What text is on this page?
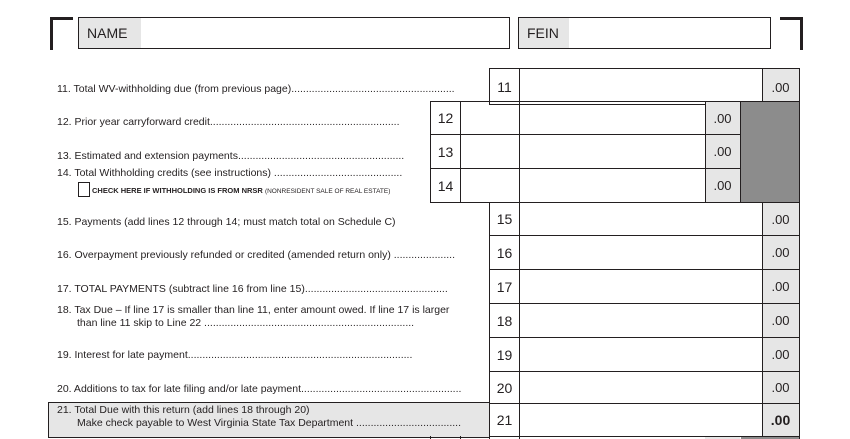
NAME	FEIN
11. Total WV-withholding due (from previous page)........................................................	11	.00
12. Prior year carryforward credit.................................................................	12	.00
13. Estimated and extension payments.........................................................	13	.00
14. Total Withholding credits (see instructions) ............................................
CHECK HERE IF WITHHOLDING IS FROM NRSR (NONRESIDENT SALE OF REAL ESTATE)	14	.00
15. Payments (add lines 12 through 14; must match total on Schedule C)	15	.00
16. Overpayment previously refunded or credited (amended return only) .....................	16	.00
17. TOTAL PAYMENTS (subtract line 16 from line 15).................................................	17	.00
18. Tax Due – If line 17 is smaller than line 11, enter amount owed. If line 17 is larger
than line 11 skip to Line 22 ........................................................................	18	.00
19. Interest for late payment.............................................................................	19	.00
20. Additions to tax for late filing and/or late payment.......................................................	20	.00
21. Total Due with this return (add lines 18 through 20)
Make check payable to West Virginia State Tax Department ....................................	21	.00
